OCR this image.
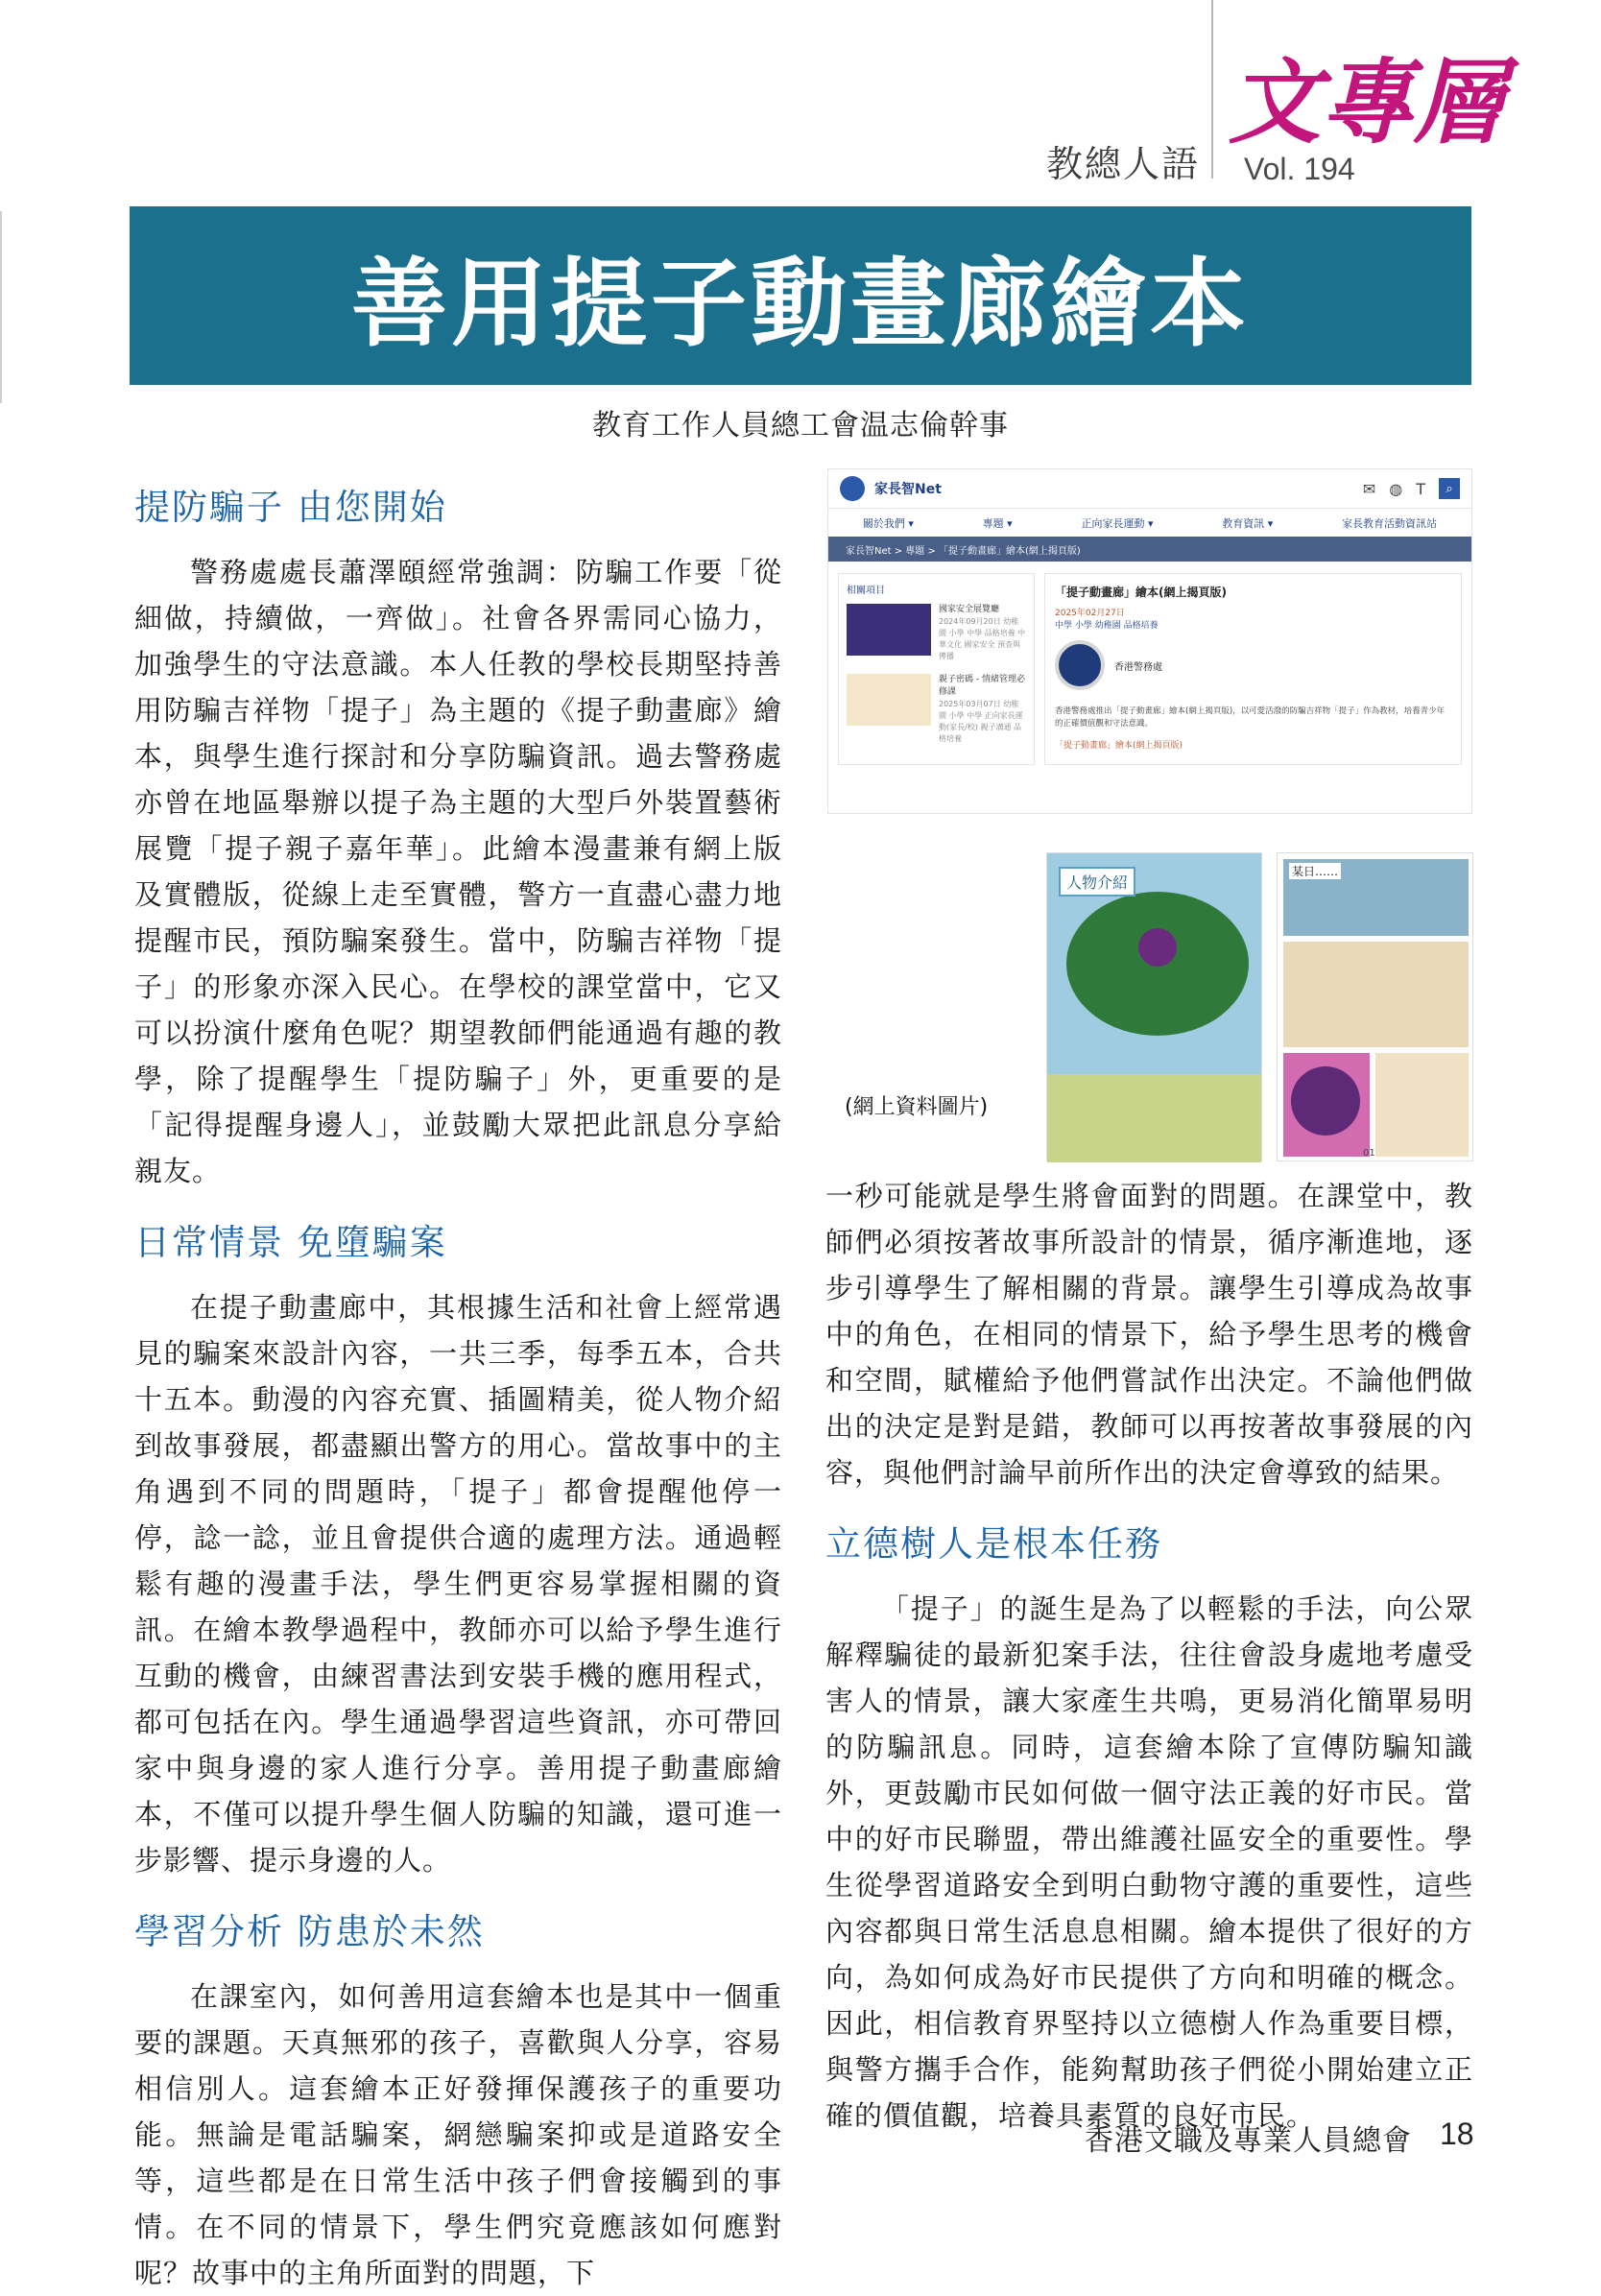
教總人語
文專層
Vol. 194
善用提子動畫廊繪本
教育工作人員總工會温志倫幹事
提防騙子 由您開始

警務處處長蕭澤頤經常強調：防騙工作要「從細做，持續做，一齊做」。社會各界需同心協力，加強學生的守法意識。本人任教的學校長期堅持善用防騙吉祥物「提子」為主題的《提子動畫廊》繪本，與學生進行探討和分享防騙資訊。過去警務處亦曾在地區舉辦以提子為主題的大型戶外裝置藝術展覽「提子親子嘉年華」。此繪本漫畫兼有網上版及實體版，從線上走至實體，警方一直盡心盡力地提醒市民，預防騙案發生。當中，防騙吉祥物「提子」的形象亦深入民心。在學校的課堂當中，它又可以扮演什麼角色呢？期望教師們能通過有趣的教學，除了提醒學生「提防騙子」外，更重要的是「記得提醒身邊人」，並鼓勵大眾把此訊息分享給親友。

日常情景 免墮騙案

在提子動畫廊中，其根據生活和社會上經常遇見的騙案來設計內容，一共三季，每季五本，合共十五本。動漫的內容充實、插圖精美，從人物介紹到故事發展，都盡顯出警方的用心。當故事中的主角遇到不同的問題時，「提子」都會提醒他停一停，諗一諗，並且會提供合適的處理方法。通過輕鬆有趣的漫畫手法，學生們更容易掌握相關的資訊。在繪本教學過程中，教師亦可以給予學生進行互動的機會，由練習書法到安裝手機的應用程式，都可包括在內。學生通過學習這些資訊，亦可帶回家中與身邊的家人進行分享。善用提子動畫廊繪本，不僅可以提升學生個人防騙的知識，還可進一步影響、提示身邊的人。

學習分析 防患於未然

在課室內，如何善用這套繪本也是其中一個重要的課題。天真無邪的孩子，喜歡與人分享，容易相信別人。這套繪本正好發揮保護孩子的重要功能。無論是電話騙案，網戀騙案抑或是道路安全等，這些都是在日常生活中孩子們會接觸到的事情。在不同的情景下，學生們究竟應該如何應對呢？故事中的主角所面對的問題，下

家長智Net	✉ ◍ T	⌕
關於我們 ▾	專題 ▾	正向家長運動 ▾	教育資訊 ▾	家長教育活動資訊站
家長智Net > 專題 > 「提子動畫廊」繪本(網上揭頁版)
相關項目
國家安全展覽廳
2024年09月20日 幼稚園 小學 中學 品格培養 中華文化 國家安全 預查與傳播
親子密碼 - 情緒管理必修課
2025年03月07日 幼稚園 小學 中學 正向家長運動(家長/校) 親子溝通 品格培養
「提子動畫廊」繪本(網上揭頁版)
2025年02月27日
中學 小學 幼稚園 品格培養
香港警務處
香港警務處推出「提子動畫廊」繪本(網上揭頁版)，以可愛活潑的防騙吉祥物「提子」作為教材，培養青少年的正確價值觀和守法意識。
「提子動畫廊」繪本(網上揭頁版)
人物介紹
某日……
01
(網上資料圖片)

一秒可能就是學生將會面對的問題。在課堂中，教師們必須按著故事所設計的情景，循序漸進地，逐步引導學生了解相關的背景。讓學生引導成為故事中的角色，在相同的情景下，給予學生思考的機會和空間，賦權給予他們嘗試作出決定。不論他們做出的決定是對是錯，教師可以再按著故事發展的內容，與他們討論早前所作出的決定會導致的結果。

立德樹人是根本任務

「提子」的誕生是為了以輕鬆的手法，向公眾解釋騙徒的最新犯案手法，往往會設身處地考慮受害人的情景，讓大家產生共鳴，更易消化簡單易明的防騙訊息。同時，這套繪本除了宣傳防騙知識外，更鼓勵市民如何做一個守法正義的好市民。當中的好市民聯盟，帶出維護社區安全的重要性。學生從學習道路安全到明白動物守護的重要性，這些內容都與日常生活息息相關。繪本提供了很好的方向，為如何成為好市民提供了方向和明確的概念。因此，相信教育界堅持以立德樹人作為重要目標，與警方攜手合作，能夠幫助孩子們從小開始建立正確的價值觀，培養具素質的良好市民。

香港文職及專業人員總會 18
